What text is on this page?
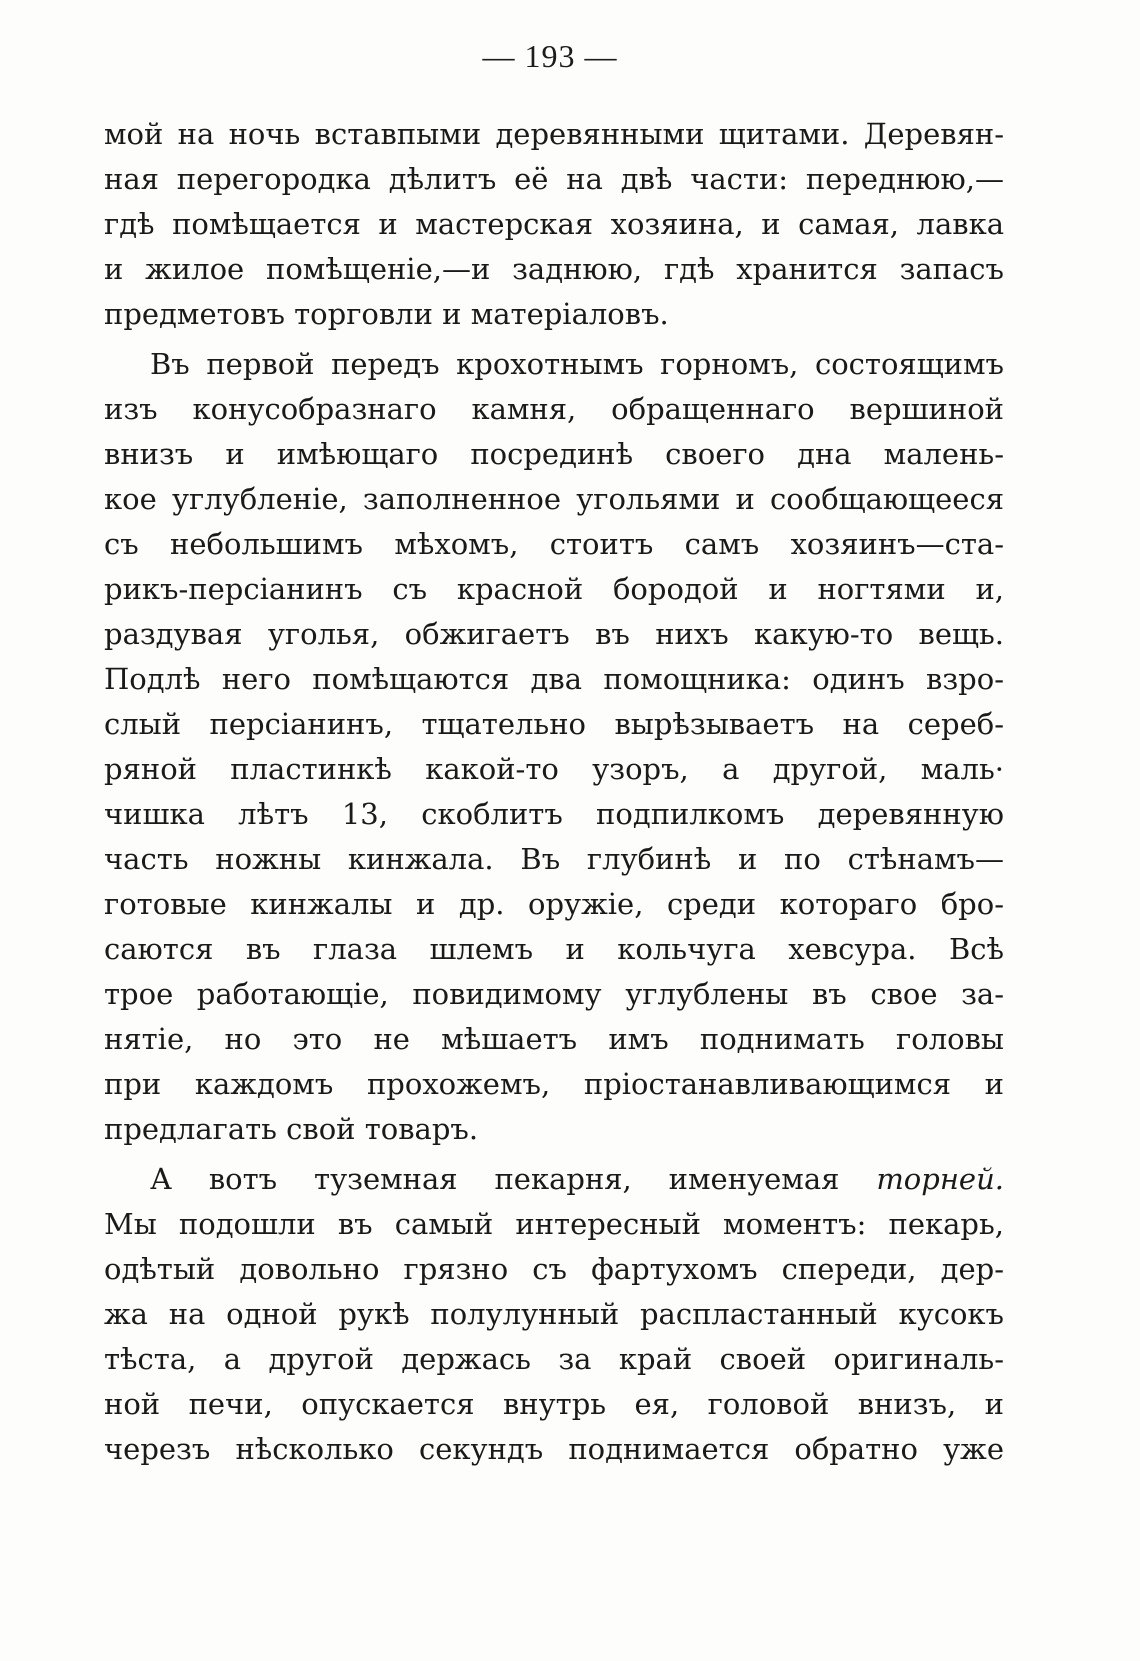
— 193 —
мой на ночь вставпыми деревянными щитами. Деревян-
ная перегородка дѣлитъ её на двѣ части: переднюю,—
гдѣ помѣщается и мастерская хозяина, и самая, лавка
и жилое помѣщеніе,—и заднюю, гдѣ хранится запасъ
предметовъ торговли и матеріаловъ.
Въ первой передъ крохотнымъ горномъ, состоящимъ
изъ конусобразнаго камня, обращеннаго вершиной
внизъ и имѣющаго посрединѣ своего дна малень-
кое углубленіе, заполненное угольями и сообщающееся
съ небольшимъ мѣхомъ, стоитъ самъ хозяинъ—ста-
рикъ-персіанинъ съ красной бородой и ногтями и,
раздувая уголья, обжигаетъ въ нихъ какую-то вещь.
Подлѣ него помѣщаются два помощника: одинъ взро-
слый персіанинъ, тщательно вырѣзываетъ на сереб-
ряной пластинкѣ какой-то узоръ, а другой, маль·
чишка лѣтъ 13, скоблитъ подпилкомъ деревянную
часть ножны кинжала. Въ глубинѣ и по стѣнамъ—
готовые кинжалы и др. оружіе, среди котораго бро-
саются въ глаза шлемъ и кольчуга хевсура. Всѣ
трое работающіе, повидимому углублены въ свое за-
нятіе, но это не мѣшаетъ имъ поднимать головы
при каждомъ прохожемъ, пріостанавливающимся и
предлагать свой товаръ.
А вотъ туземная пекарня, именуемая торней.
Мы подошли въ самый интересный моментъ: пекарь,
одѣтый довольно грязно съ фартухомъ спереди, дер-
жа на одной рукѣ полулунный распластанный кусокъ
тѣста, а другой держась за край своей оригиналь-
ной печи, опускается внутрь ея, головой внизъ, и
черезъ нѣсколько секундъ поднимается обратно уже
